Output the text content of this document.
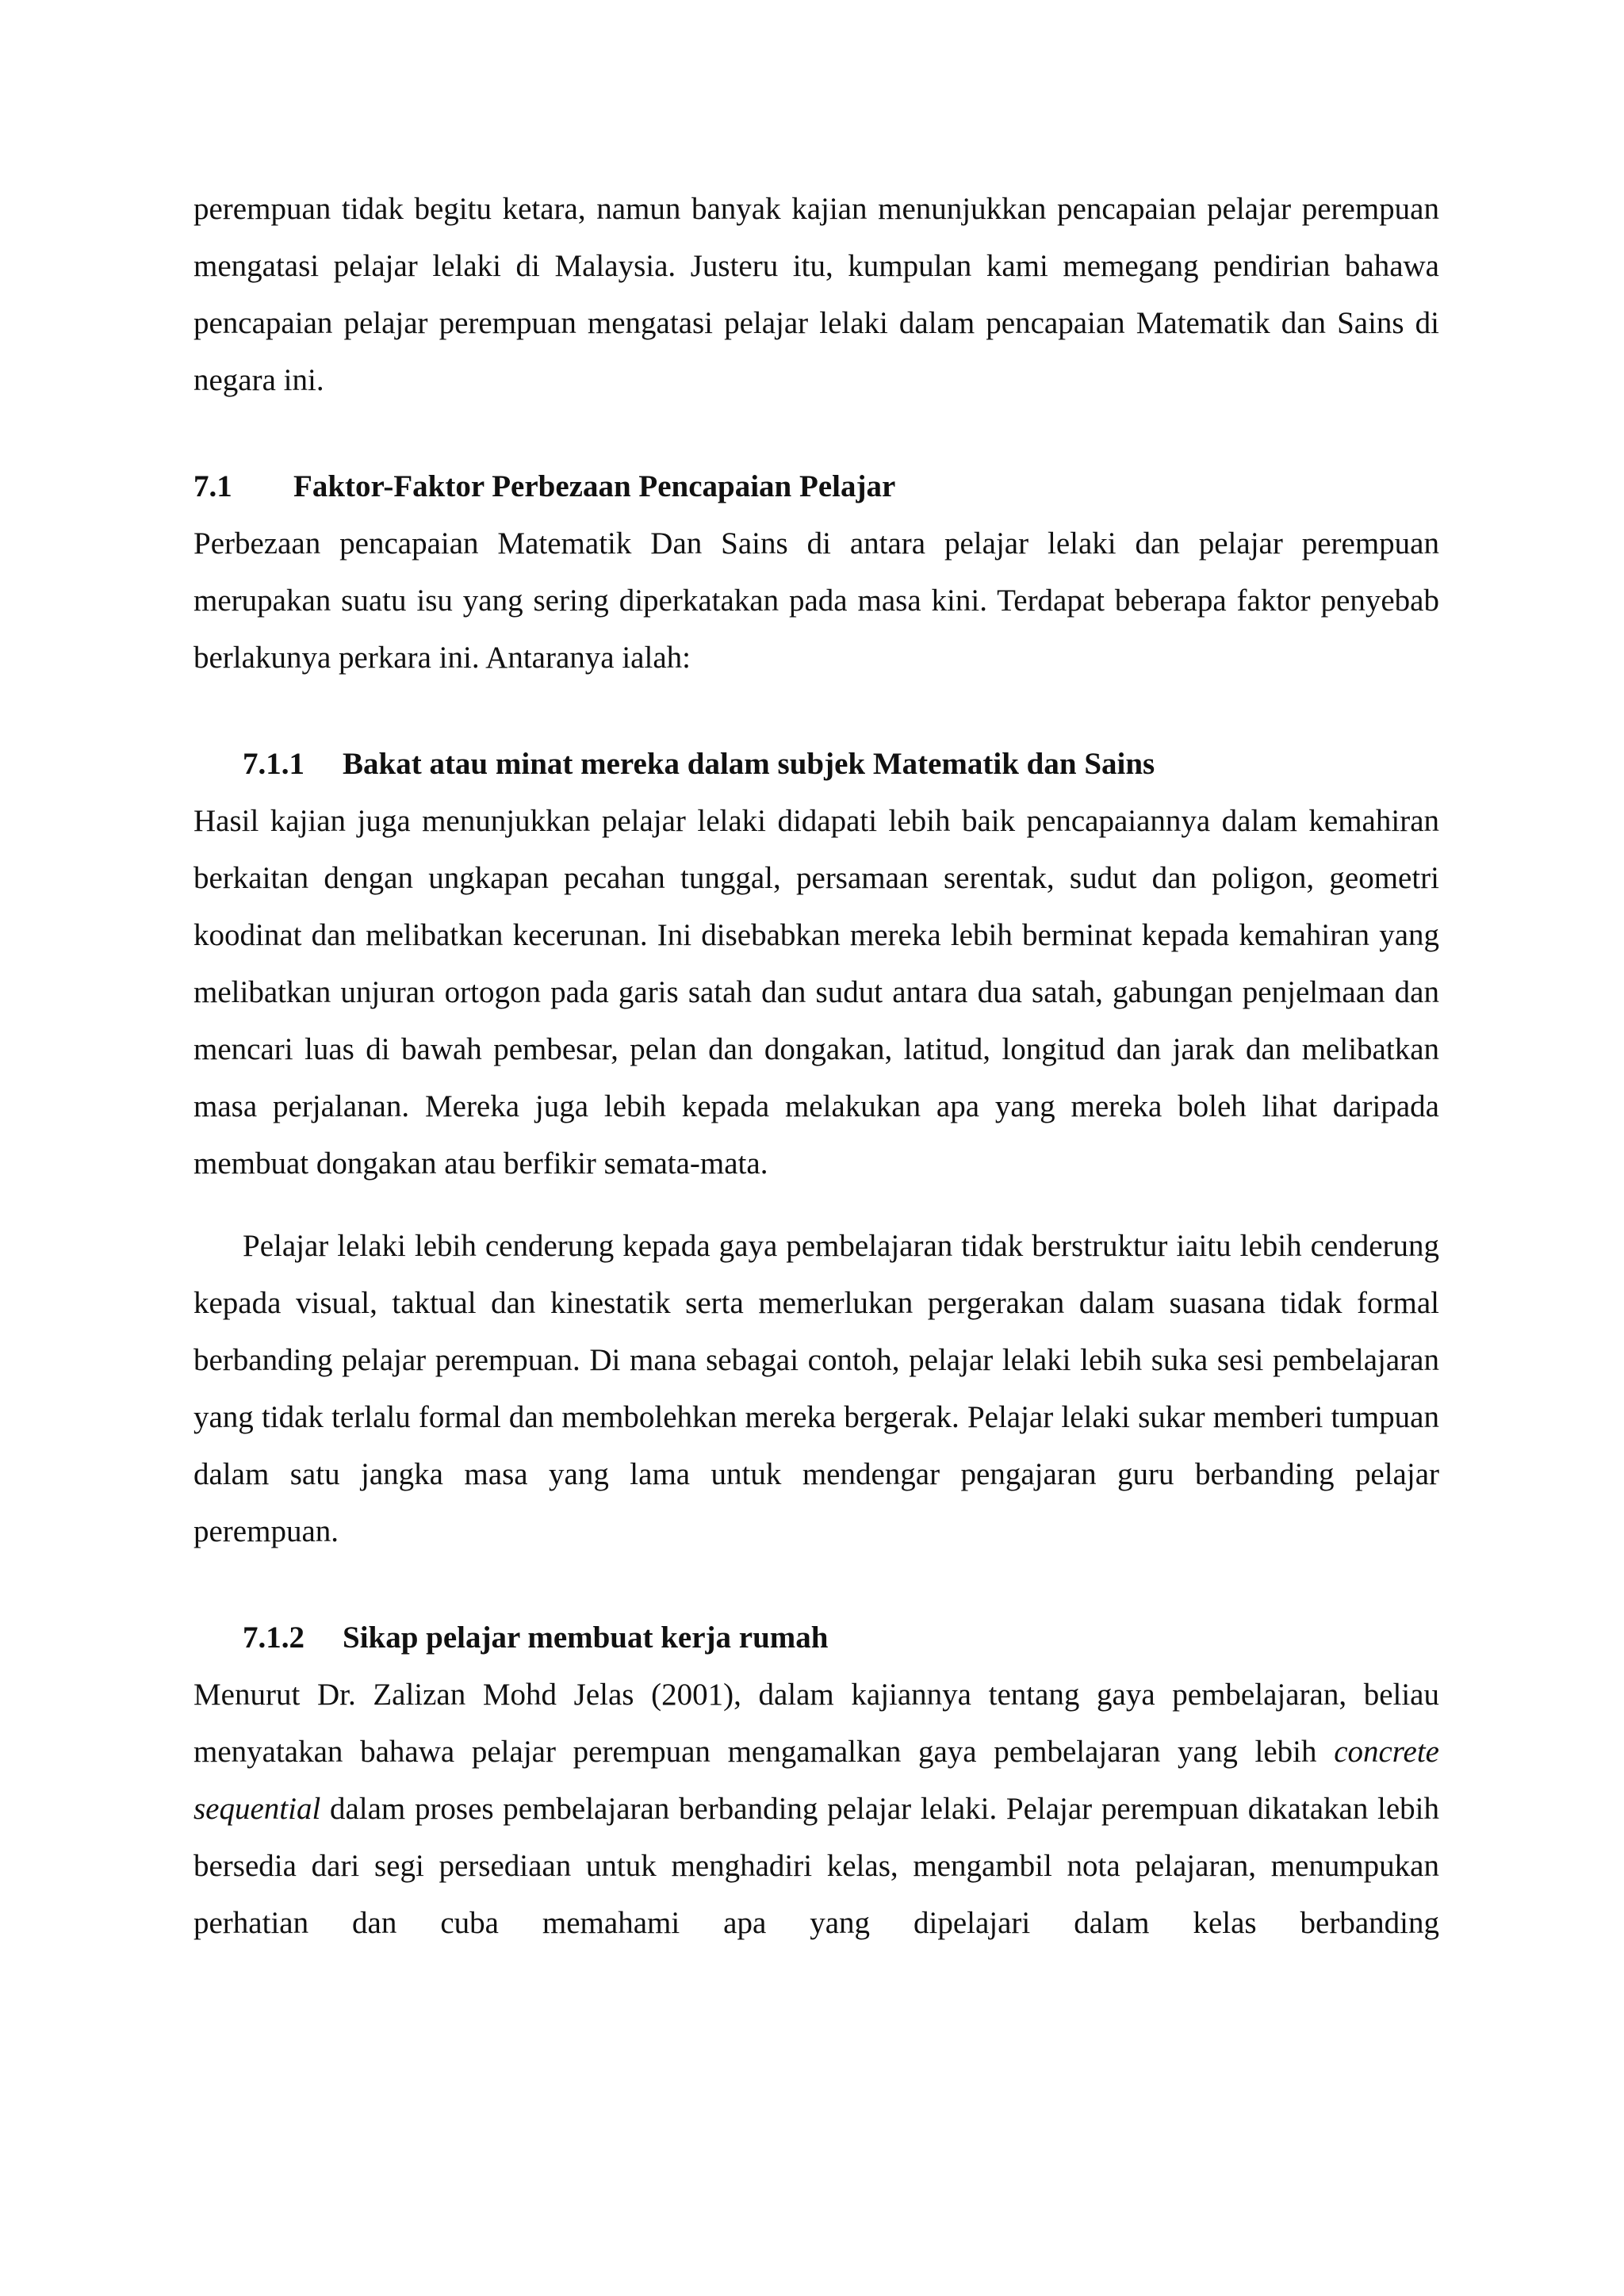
perempuan tidak begitu ketara, namun banyak kajian menunjukkan pencapaian pelajar perempuan mengatasi pelajar lelaki di Malaysia. Justeru itu, kumpulan kami memegang pendirian bahawa pencapaian pelajar perempuan mengatasi pelajar lelaki dalam pencapaian Matematik dan Sains di negara ini.

7.1	Faktor-Faktor Perbezaan Pencapaian Pelajar

Perbezaan pencapaian Matematik Dan Sains di antara pelajar lelaki dan pelajar perempuan merupakan suatu isu yang sering diperkatakan pada masa kini. Terdapat beberapa faktor penyebab berlakunya perkara ini. Antaranya ialah:

7.1.1	Bakat atau minat mereka dalam subjek Matematik dan Sains

Hasil kajian juga menunjukkan pelajar lelaki didapati lebih baik pencapaiannya dalam kemahiran berkaitan dengan ungkapan pecahan tunggal, persamaan serentak, sudut dan poligon, geometri koodinat dan melibatkan kecerunan. Ini disebabkan mereka lebih berminat kepada kemahiran yang melibatkan unjuran ortogon pada garis satah dan sudut antara dua satah, gabungan penjelmaan dan mencari luas di bawah pembesar, pelan dan dongakan, latitud, longitud dan jarak dan melibatkan masa perjalanan. Mereka juga lebih kepada melakukan apa yang mereka boleh lihat daripada membuat dongakan atau berfikir semata-mata.

Pelajar lelaki lebih cenderung kepada gaya pembelajaran tidak berstruktur iaitu lebih cenderung kepada visual, taktual dan kinestatik serta memerlukan pergerakan dalam suasana tidak formal berbanding pelajar perempuan. Di mana sebagai contoh, pelajar lelaki lebih suka sesi pembelajaran yang tidak terlalu formal dan membolehkan mereka bergerak. Pelajar lelaki sukar memberi tumpuan dalam satu jangka masa yang lama untuk mendengar pengajaran guru berbanding pelajar perempuan.

7.1.2	Sikap pelajar membuat kerja rumah

Menurut Dr. Zalizan Mohd Jelas (2001), dalam kajiannya tentang gaya pembelajaran, beliau menyatakan bahawa pelajar perempuan mengamalkan gaya pembelajaran yang lebih concrete sequential dalam proses pembelajaran berbanding pelajar lelaki. Pelajar perempuan dikatakan lebih bersedia dari segi persediaan untuk menghadiri kelas, mengambil nota pelajaran, menumpukan perhatian dan cuba memahami apa yang dipelajari dalam kelas berbanding
